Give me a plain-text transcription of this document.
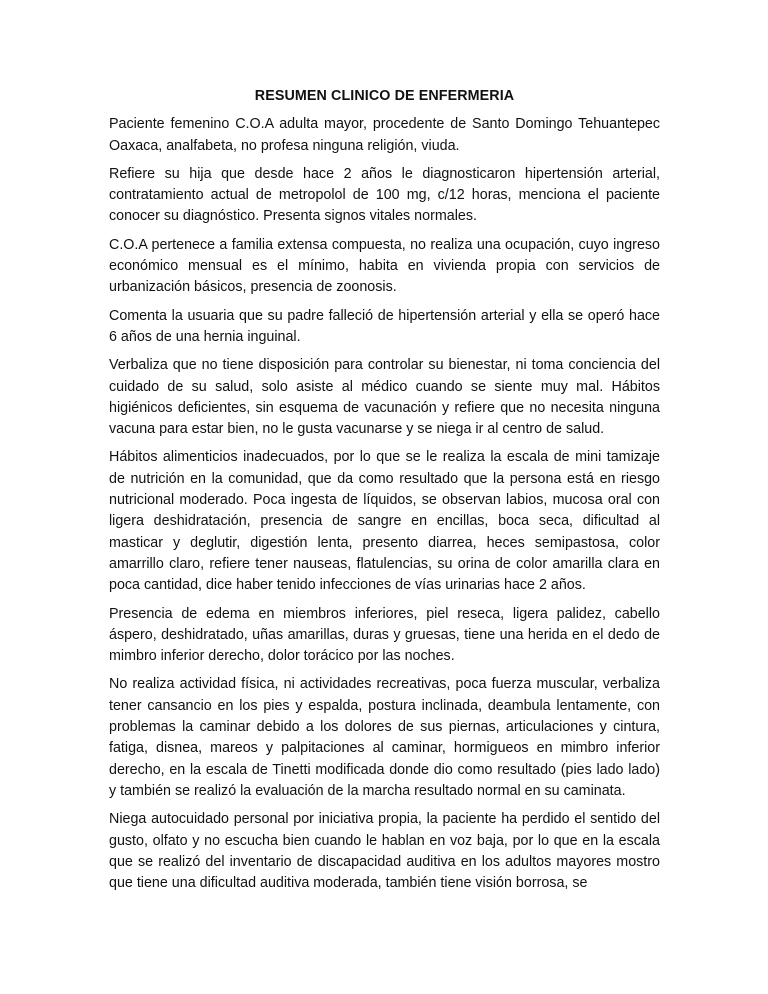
RESUMEN CLINICO DE ENFERMERIA

Paciente femenino C.O.A adulta mayor, procedente de Santo Domingo Tehuantepec Oaxaca, analfabeta, no profesa ninguna religión, viuda.

Refiere su hija que desde hace 2 años le diagnosticaron hipertensión arterial, contratamiento actual de metropolol de 100 mg, c/12 horas, menciona el paciente conocer su diagnóstico. Presenta signos vitales normales.

C.O.A pertenece a familia extensa compuesta, no realiza una ocupación, cuyo ingreso económico mensual es el mínimo, habita en vivienda propia con servicios de urbanización básicos, presencia de zoonosis.

Comenta la usuaria que su padre falleció de hipertensión arterial y ella se operó hace 6 años de una hernia inguinal.

Verbaliza que no tiene disposición para controlar su bienestar, ni toma conciencia del cuidado de su salud, solo asiste al médico cuando se siente muy mal. Hábitos higiénicos deficientes, sin esquema de vacunación y refiere que no necesita ninguna vacuna para estar bien, no le gusta vacunarse y se niega ir al centro de salud.

Hábitos alimenticios inadecuados, por lo que se le realiza la escala de mini tamizaje de nutrición en la comunidad, que da como resultado que la persona está en riesgo nutricional moderado. Poca ingesta de líquidos, se observan labios, mucosa oral con ligera deshidratación, presencia de sangre en encillas, boca seca, dificultad al masticar y deglutir, digestión lenta, presento diarrea, heces semipastosa, color amarrillo claro, refiere tener nauseas, flatulencias, su orina de color amarilla clara en poca cantidad, dice haber tenido infecciones de vías urinarias hace 2 años.

Presencia de edema en miembros inferiores, piel reseca, ligera palidez, cabello áspero, deshidratado, uñas amarillas, duras y gruesas, tiene una herida en el dedo de mimbro inferior derecho, dolor torácico por las noches.

No realiza actividad física, ni actividades recreativas, poca fuerza muscular, verbaliza tener cansancio en los pies y espalda, postura inclinada, deambula lentamente, con problemas la caminar debido a los dolores de sus piernas, articulaciones y cintura, fatiga, disnea, mareos y palpitaciones al caminar, hormigueos en mimbro inferior derecho, en la escala de Tinetti modificada donde dio como resultado (pies lado lado) y también se realizó la evaluación de la marcha resultado normal en su caminata.

Niega autocuidado personal por iniciativa propia, la paciente ha perdido el sentido del gusto, olfato y no escucha bien cuando le hablan en voz baja, por lo que en la escala que se realizó del inventario de discapacidad auditiva en los adultos mayores mostro que tiene una dificultad auditiva moderada, también tiene visión borrosa, se
